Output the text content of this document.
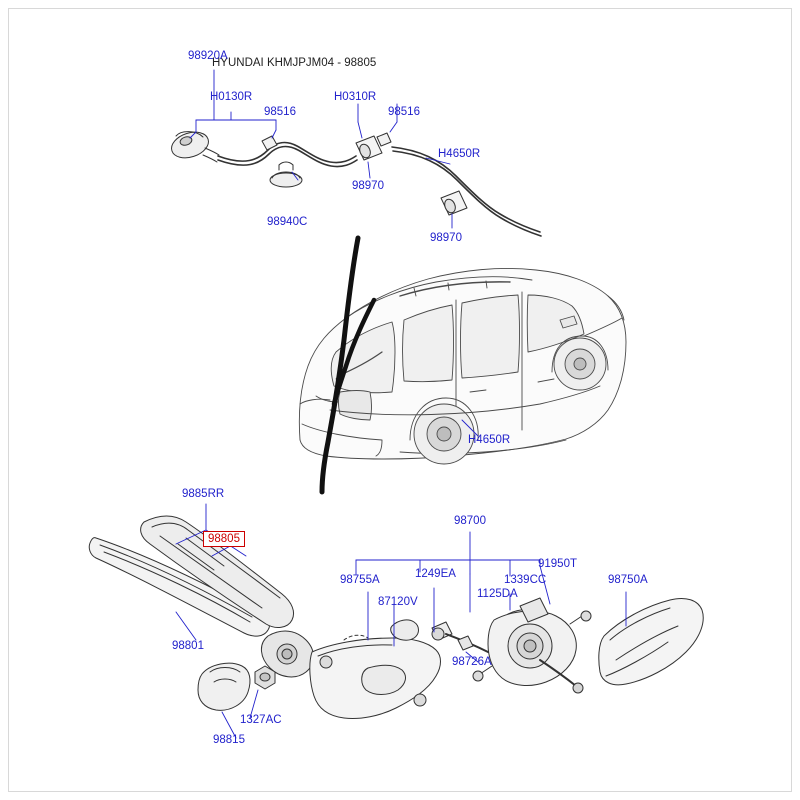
HYUNDAI KHMJPJM04 - 98805
98920A
H0130R
98516
H0310R
98516
H4650R
98970
98940C
98970
H4650R
9885RR
98805
98801
1327AC
98815
98755A
87120V
1249EA
98726A
1125DA
1339CC
91950T
98700
98750A
